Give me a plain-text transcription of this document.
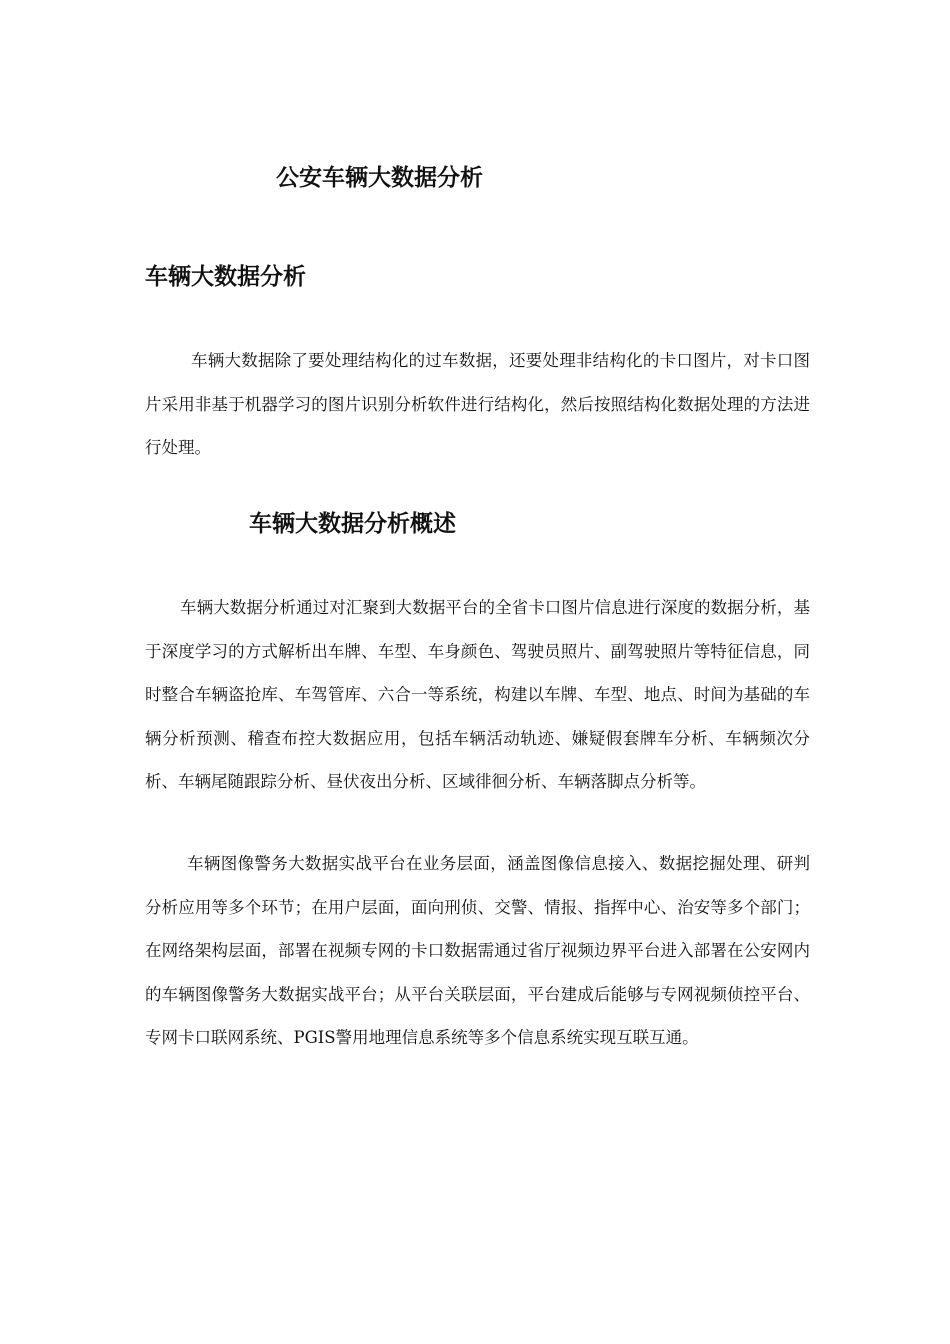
公安车辆大数据分析
车辆大数据分析

车辆大数据除了要处理结构化的过车数据，还要处理非结构化的卡口图片，对卡口图片采用非基于机器学习的图片识别分析软件进行结构化，然后按照结构化数据处理的方法进行处理。

车辆大数据分析概述

车辆大数据分析通过对汇聚到大数据平台的全省卡口图片信息进行深度的数据分析，基于深度学习的方式解析出车牌、车型、车身颜色、驾驶员照片、副驾驶照片等特征信息，同时整合车辆盗抢库、车驾管库、六合一等系统，构建以车牌、车型、地点、时间为基础的车辆分析预测、稽查布控大数据应用，包括车辆活动轨迹、嫌疑假套牌车分析、车辆频次分析、车辆尾随跟踪分析、昼伏夜出分析、区域徘徊分析、车辆落脚点分析等。

车辆图像警务大数据实战平台在业务层面，涵盖图像信息接入、数据挖掘处理、研判分析应用等多个环节；在用户层面，面向刑侦、交警、情报、指挥中心、治安等多个部门；在网络架构层面，部署在视频专网的卡口数据需通过省厅视频边界平台进入部署在公安网内的车辆图像警务大数据实战平台；从平台关联层面，平台建成后能够与专网视频侦控平台、专网卡口联网系统、PGIS警用地理信息系统等多个信息系统实现互联互通。
